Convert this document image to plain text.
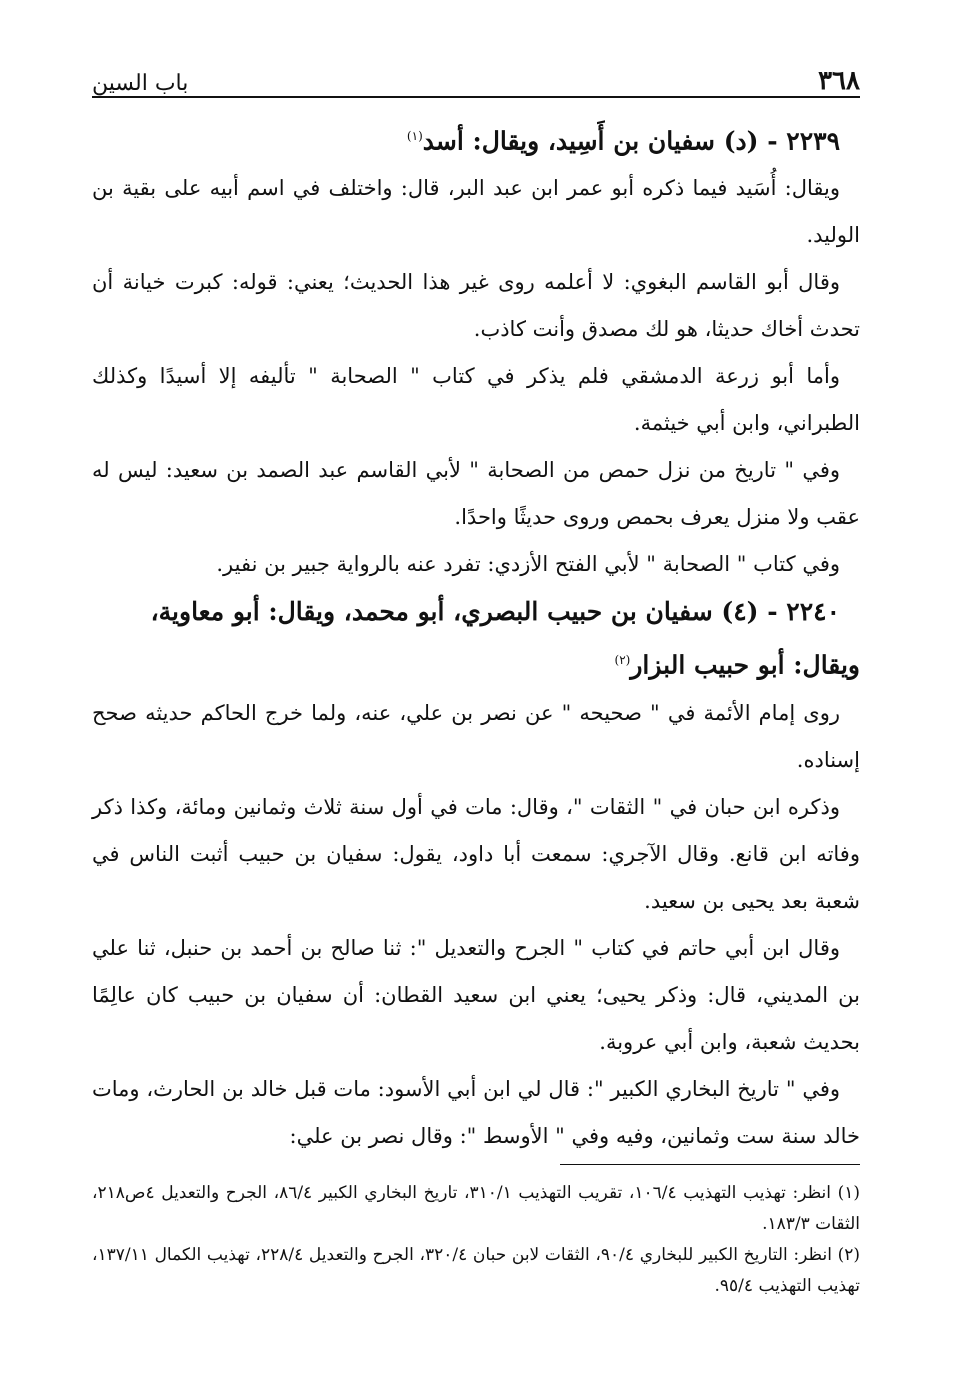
٣٦٨
باب السين

٢٢٣٩ - (د) سفيان بن أَسِيد، ويقال: أسد$^{(١)}$

ويقال: أُسَيد فيما ذكره أبو عمر ابن عبد البر، قال: واختلف في اسم أبيه على بقية بن الوليد.

وقال أبو القاسم البغوي: لا أعلمه روى غير هذا الحديث؛ يعني: قوله: كبرت خيانة أن تحدث أخاك حديثا، هو لك مصدق وأنت كاذب.

وأما أبو زرعة الدمشقي فلم يذكر في كتاب " الصحابة " تأليفه إلا أسيدًا وكذلك الطبراني، وابن أبي خيثمة.

وفي " تاريخ من نزل حمص من الصحابة " لأبي القاسم عبد الصمد بن سعيد: ليس له عقب ولا منزل يعرف بحمص وروى حديثًا واحدًا.

وفي كتاب " الصحابة " لأبي الفتح الأزدي: تفرد عنه بالرواية جبير بن نفير.

٢٢٤٠ - (٤) سفيان بن حبيب البصري، أبو محمد، ويقال: أبو معاوية،

ويقال: أبو حبيب البزار$^{(٢)}$

روى إمام الأئمة في " صحيحه " عن نصر بن علي، عنه، ولما خرج الحاكم حديثه صحح إسناده.

وذكره ابن حبان في " الثقات "، وقال: مات في أول سنة ثلاث وثمانين ومائة، وكذا ذكر وفاته ابن قانع. وقال الآجري: سمعت أبا داود، يقول: سفيان بن حبيب أثبت الناس في شعبة بعد يحيى بن سعيد.

وقال ابن أبي حاتم في كتاب " الجرح والتعديل ": ثنا صالح بن أحمد بن حنبل، ثنا علي بن المديني، قال: وذكر يحيى؛ يعني ابن سعيد القطان: أن سفيان بن حبيب كان عالِمًا بحديث شعبة، وابن أبي عروبة.

وفي " تاريخ البخاري الكبير ": قال لي ابن أبي الأسود: مات قبل خالد بن الحارث، ومات خالد سنة ست وثمانين، وفيه وفي " الأوسط ": وقال نصر بن علي:

(١) انظر: تهذيب التهذيب ١٠٦/٤، تقريب التهذيب ٣١٠/١، تاريخ البخاري الكبير ٨٦/٤، الجرح والتعديل ٤ص٢١٨، الثقات ١٨٣/٣.

(٢) انظر: التاريخ الكبير للبخاري ٩٠/٤، الثقات لابن حبان ٣٢٠/٤، الجرح والتعديل ٢٢٨/٤، تهذيب الكمال ١٣٧/١١، تهذيب التهذيب ٩٥/٤.
